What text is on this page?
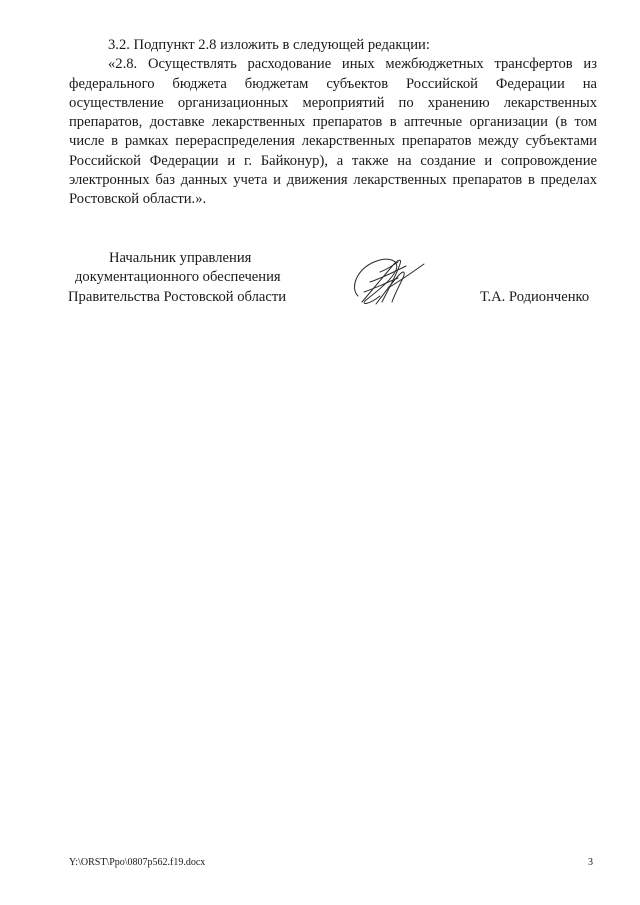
3.2. Подпункт 2.8 изложить в следующей редакции:

«2.8. Осуществлять расходование иных межбюджетных трансфертов из федерального бюджета бюджетам субъектов Российской Федерации на осуществление организационных мероприятий по хранению лекарственных препаратов, доставке лекарственных препаратов в аптечные организации (в том числе в рамках перераспределения лекарственных препаратов между субъектами Российской Федерации и г. Байконур), а также на создание и сопровождение электронных баз данных учета и движения лекарственных препаратов в пределах Ростовской области.».

Начальник управления
документационного обеспечения
Правительства Ростовской области	Т.А. Родионченко
Y:\ORST\Ppo\0807p562.f19.docx	3
